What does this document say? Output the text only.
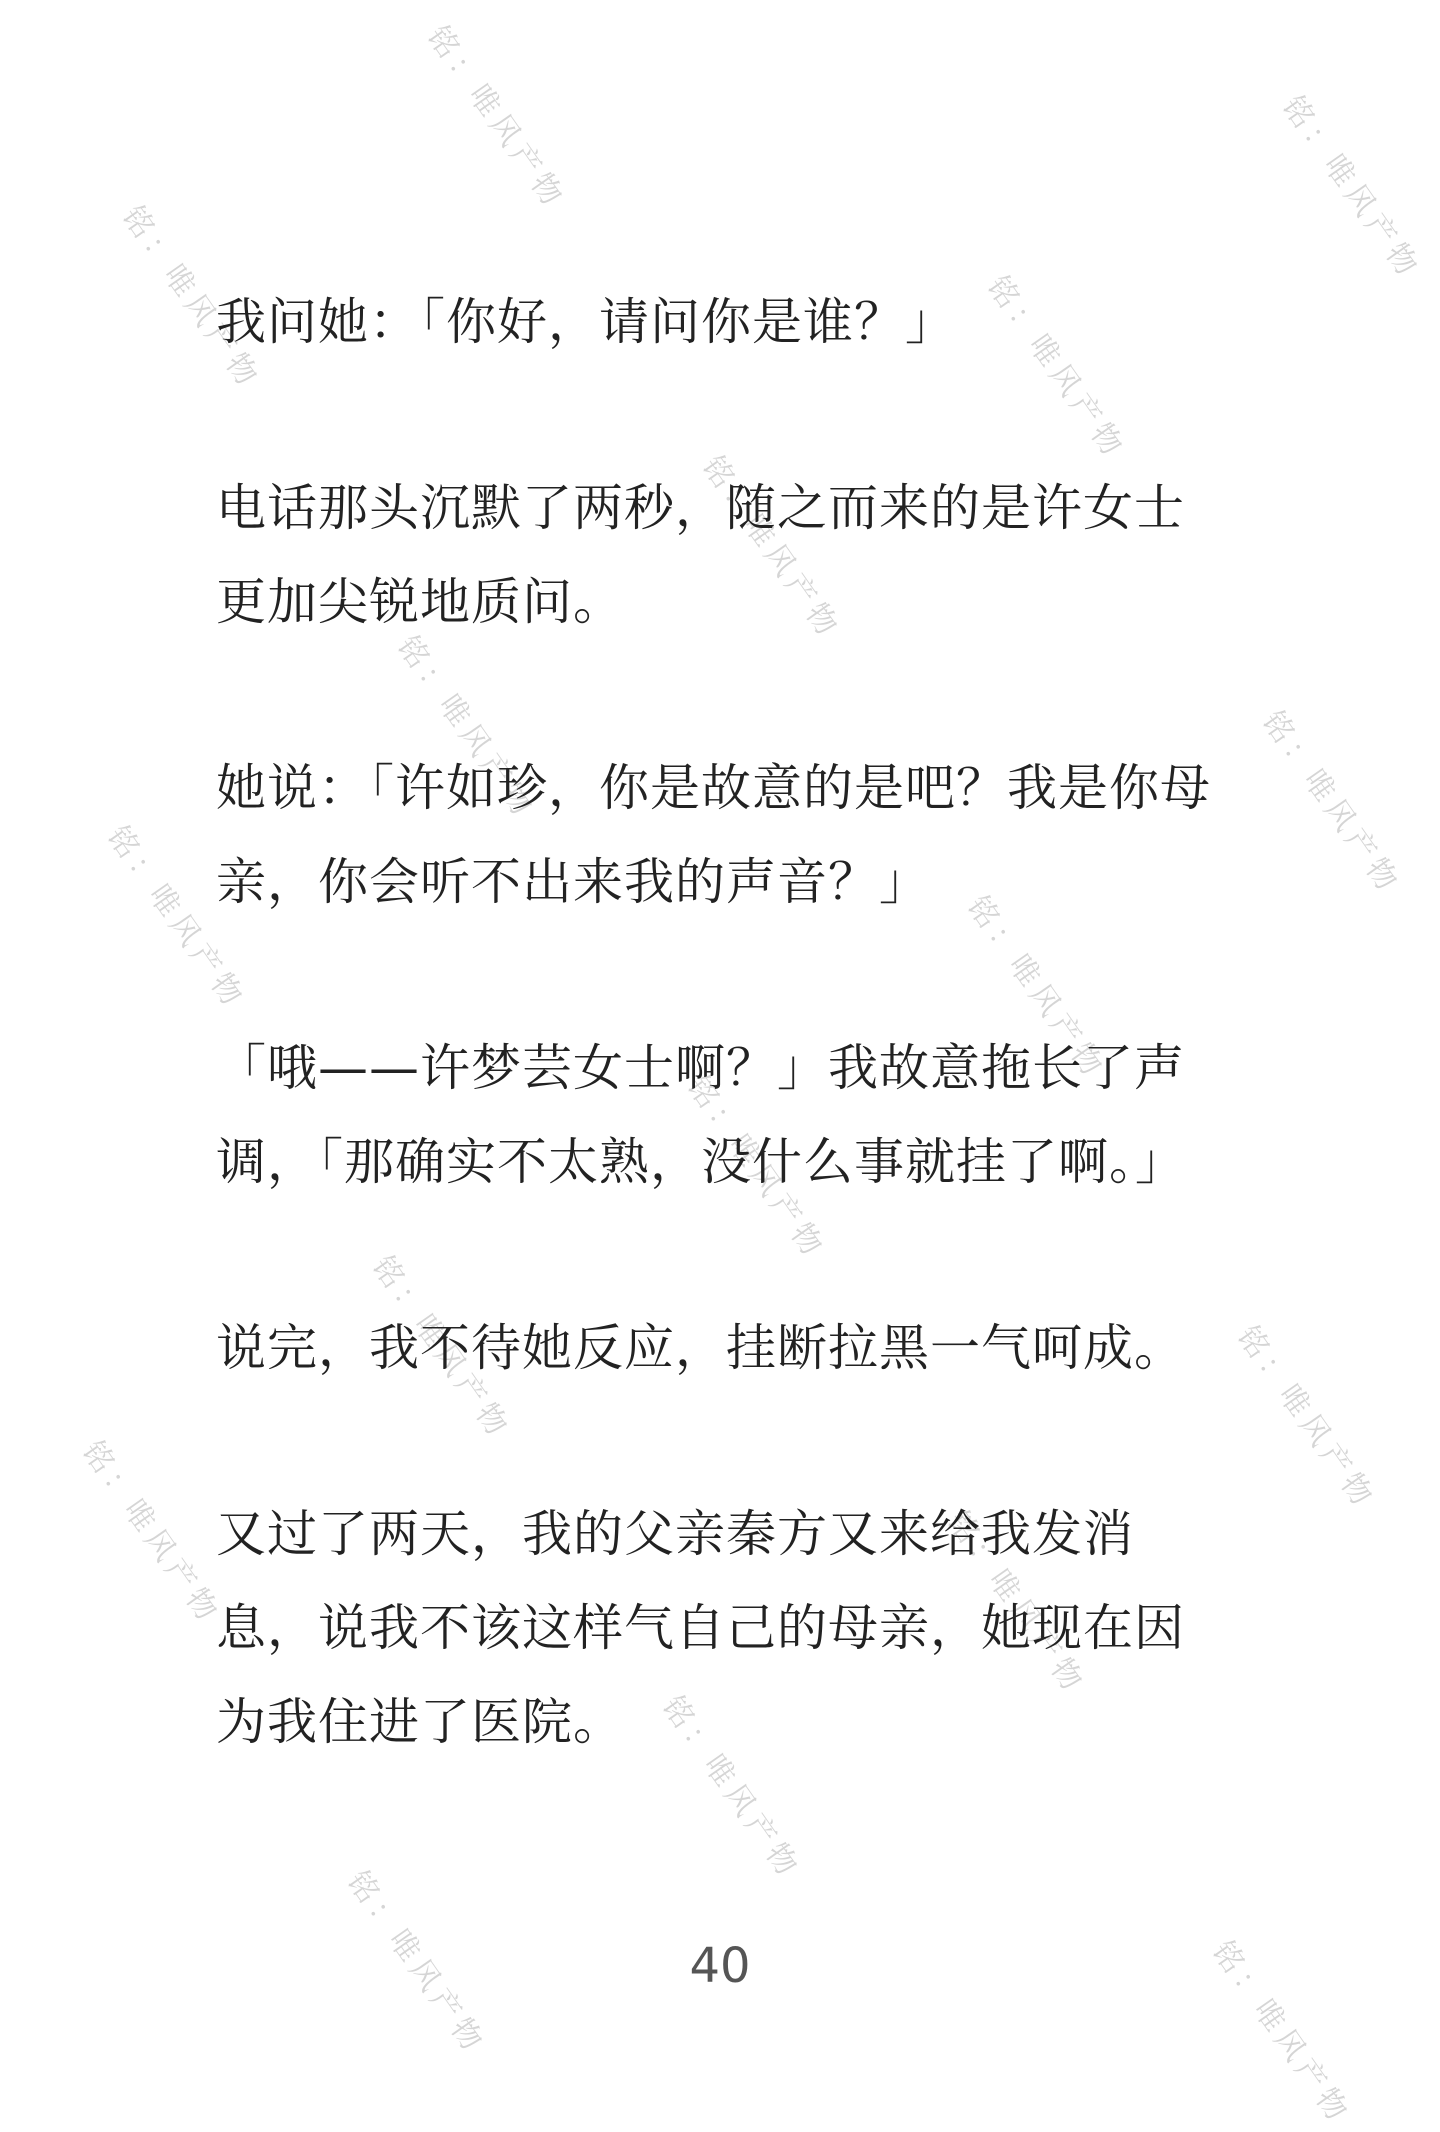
铭：唯风产物	铭：唯风产物
铭：唯风产物	铭：唯风产物
铭：唯风产物
铭：唯风产物	铭：唯风产物
铭：唯风产物	铭：唯风产物
铭：唯风产物
铭：唯风产物	铭：唯风产物
铭：唯风产物	铭：唯风产物
铭：唯风产物
铭：唯风产物	铭：唯风产物

我问她：「你好，请问你是谁？」

电话那头沉默了两秒，随之而来的是许女士更加尖锐地质问。

她说：「许如珍，你是故意的是吧？我是你母亲，你会听不出来我的声音？」

「哦——许梦芸女士啊？」我故意拖长了声调，「那确实不太熟，没什么事就挂了啊。」

说完，我不待她反应，挂断拉黑一气呵成。

又过了两天，我的父亲秦方又来给我发消息，说我不该这样气自己的母亲，她现在因为我住进了医院。

40
